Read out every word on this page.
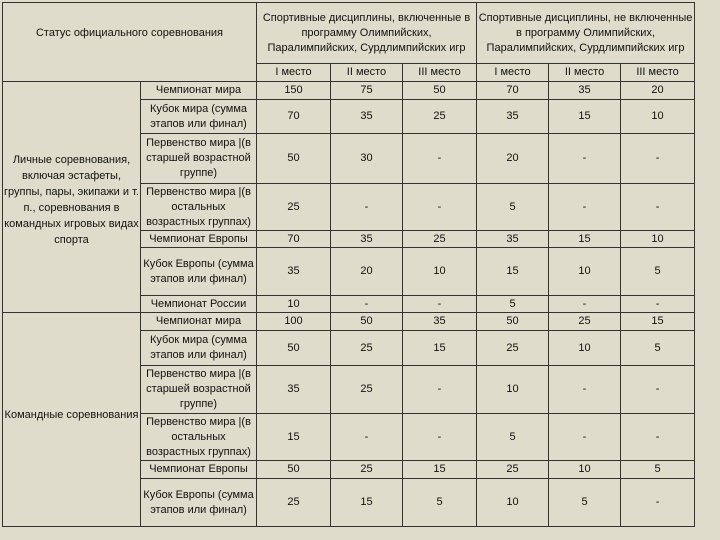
Статус официального соревнования		Спортивные дисциплины, включенные в программу Олимпийских, Паралимпийских, Сурдлимпийских игр			Спортивные дисциплины, не включенные в программу Олимпийских, Паралимпийских, Сурдлимпийских игр		
		I место	II место	III место	I место	II место	III место
Личные соревнования, включая эстафеты, группы, пары, экипажи и т. п., соревнования в командных игровых видах спорта	Чемпионат мира	150	75	50	70	35	20
	Кубок мира (сумма этапов или финал)	70	35	25	35	15	10
	Первенство мира |(в старшей возрастной группе)	50	30	-	20	-	-
	Первенство мира |(в остальных возрастных группах)	25	-	-	5	-	-
	Чемпионат Европы	70	35	25	35	15	10
	Кубок Европы (сумма этапов или финал)	35	20	10	15	10	5
	Чемпионат России	10	-	-	5	-	-
Командные соревнования	Чемпионат мира	100	50	35	50	25	15
	Кубок мира (сумма этапов или финал)	50	25	15	25	10	5
	Первенство мира |(в старшей возрастной группе)	35	25	-	10	-	-
	Первенство мира |(в остальных возрастных группах)	15	-	-	5	-	-
	Чемпионат Европы	50	25	15	25	10	5
	Кубок Европы (сумма этапов или финал)	25	15	5	10	5	-
